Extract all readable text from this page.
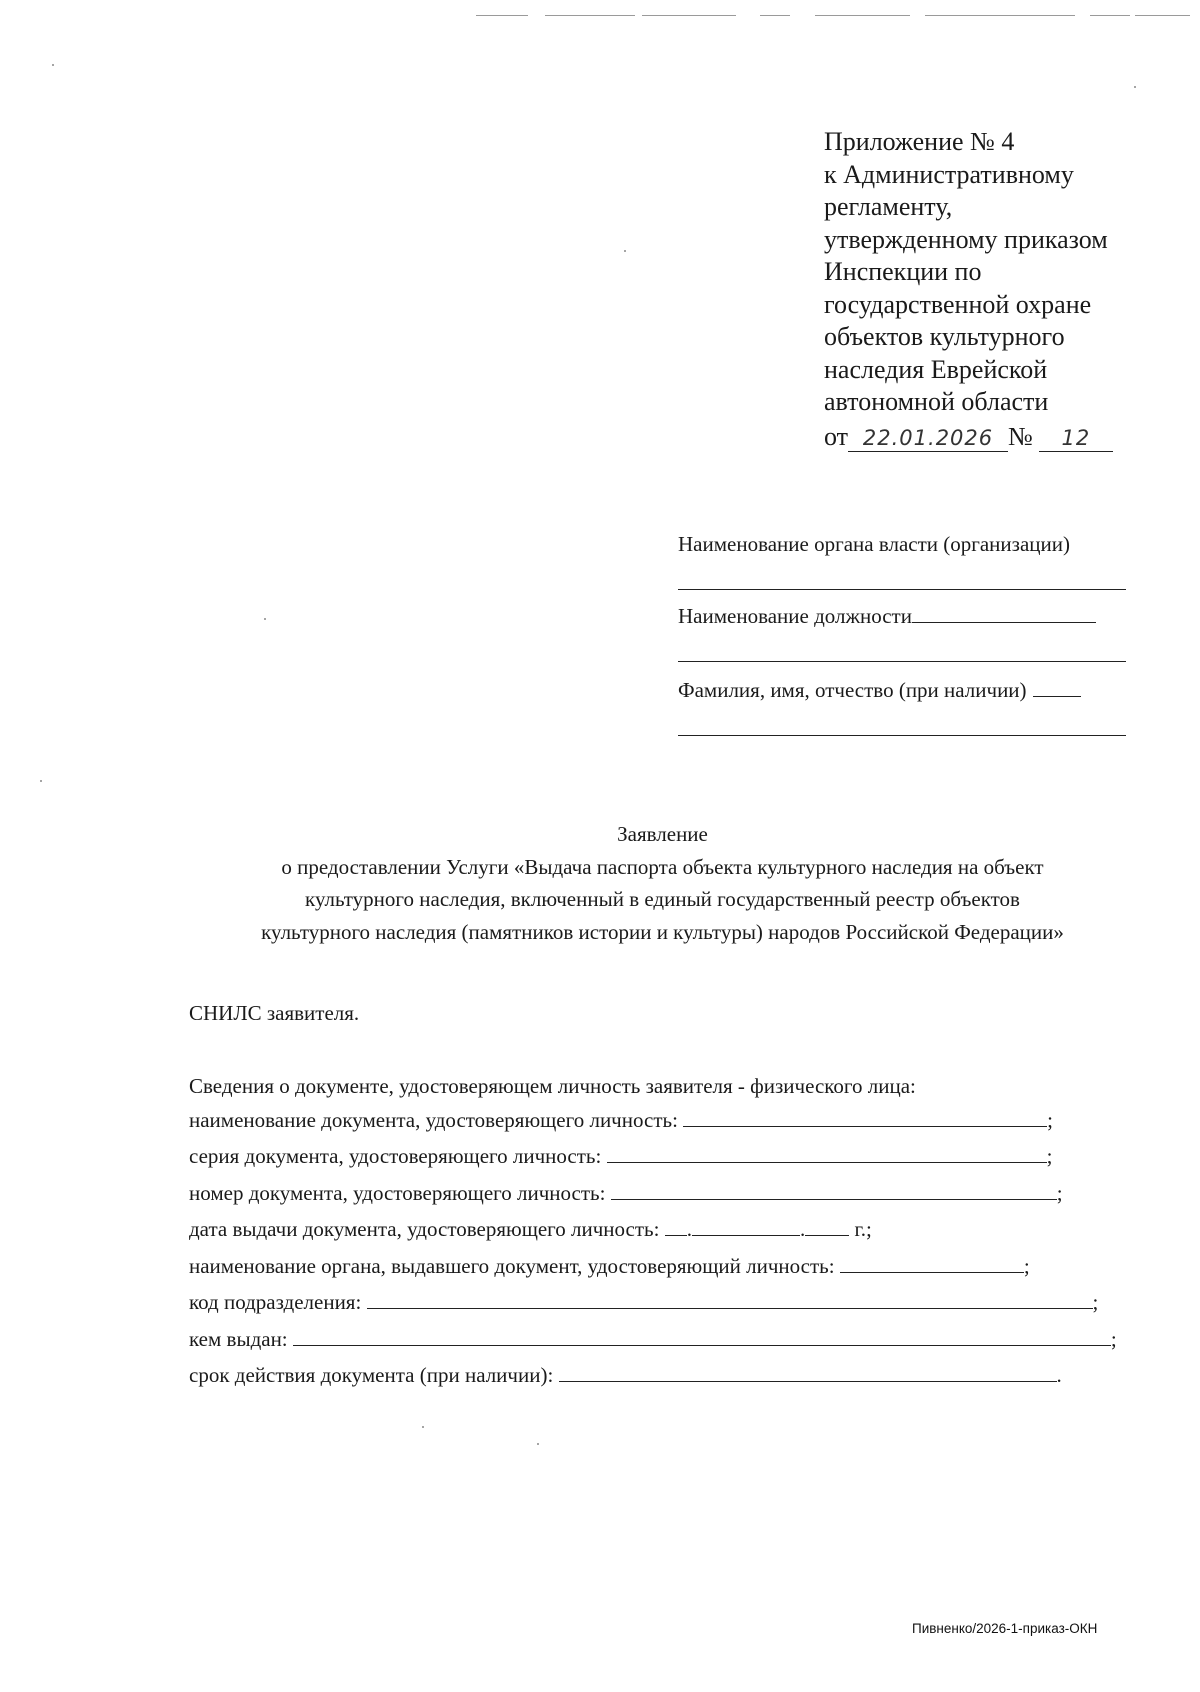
Приложение № 4
к Административному
регламенту,
утвержденному приказом
Инспекции по
государственной охране
объектов культурного
наследия Еврейской
автономной области
от 22.01.2026 № 12
Наименование органа власти (организации)
Наименование должности
Фамилия, имя, отчество (при наличии)
Заявление
о предоставлении Услуги «Выдача паспорта объекта культурного наследия на объект
культурного наследия, включенный в единый государственный реестр объектов
культурного наследия (памятников истории и культуры) народов Российской Федерации»
СНИЛС заявителя.
Сведения о документе, удостоверяющем личность заявителя - физического лица:
наименование документа, удостоверяющего личность:	;
серия документа, удостоверяющего личность:	;
номер документа, удостоверяющего личность:	;
дата выдачи документа, удостоверяющего личность: .	. г.;
наименование органа, выдавшего документ, удостоверяющий личность:	;
код подразделения:	;
кем выдан:	;
срок действия документа (при наличии):	.
Пивненко/2026-1-приказ-ОКН
